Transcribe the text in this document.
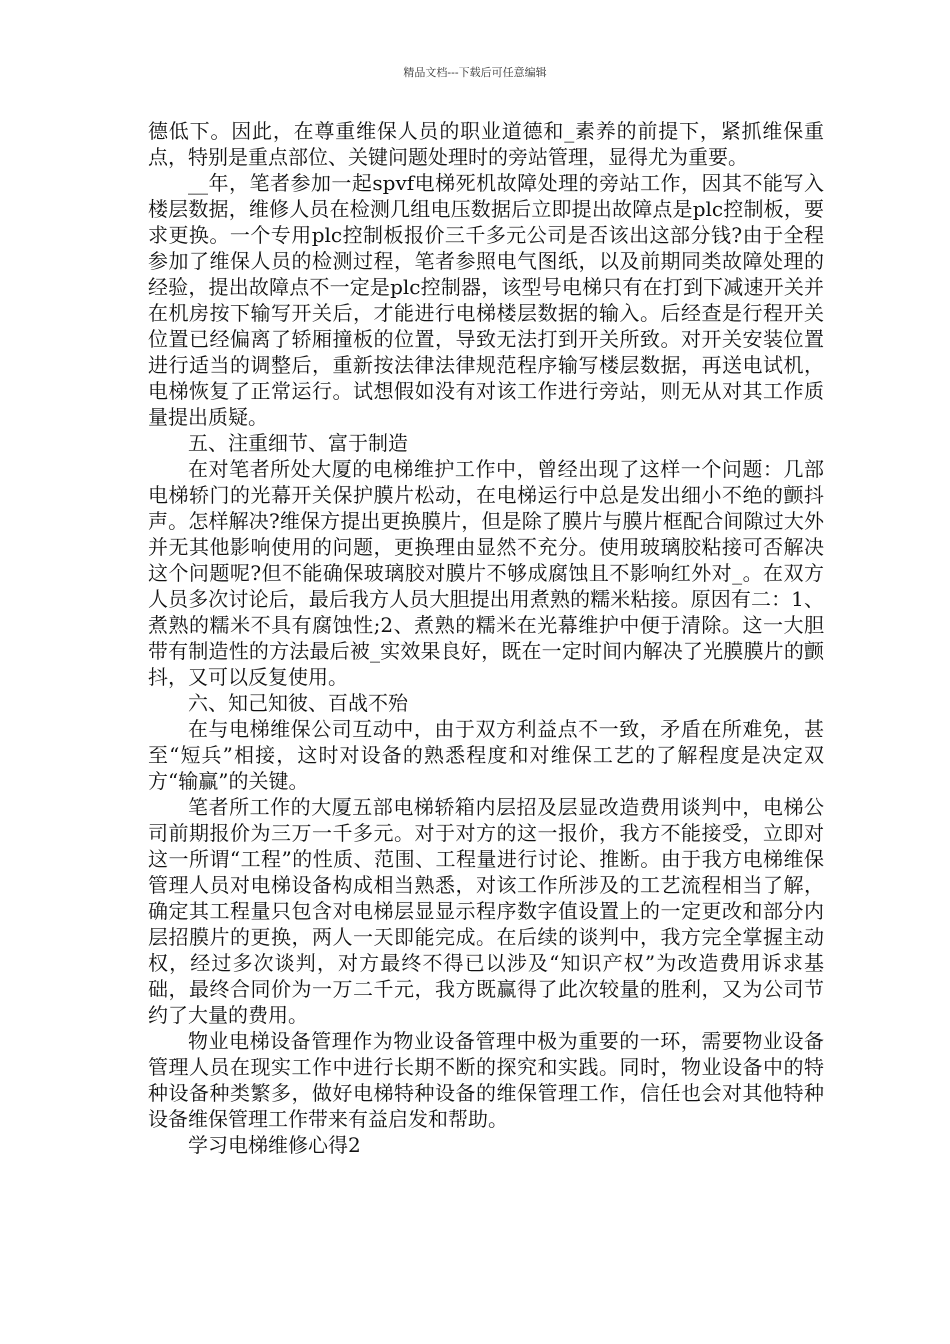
精品文档---下载后可任意编辑

德低下。因此，在尊重维保人员的职业道德和_素养的前提下，紧抓维保重点，特别是重点部位、关键问题处理时的旁站管理，显得尤为重要。

__年，笔者参加一起spvf电梯死机故障处理的旁站工作，因其不能写入楼层数据，维修人员在检测几组电压数据后立即提出故障点是plc控制板，要求更换。一个专用plc控制板报价三千多元公司是否该出这部分钱?由于全程参加了维保人员的检测过程，笔者参照电气图纸，以及前期同类故障处理的经验，提出故障点不一定是plc控制器，该型号电梯只有在打到下减速开关并在机房按下输写开关后，才能进行电梯楼层数据的输入。后经查是行程开关位置已经偏离了轿厢撞板的位置，导致无法打到开关所致。对开关安装位置进行适当的调整后，重新按法律法律规范程序输写楼层数据，再送电试机，电梯恢复了正常运行。试想假如没有对该工作进行旁站，则无从对其工作质量提出质疑。

五、注重细节、富于制造

在对笔者所处大厦的电梯维护工作中，曾经出现了这样一个问题：几部电梯轿门的光幕开关保护膜片松动，在电梯运行中总是发出细小不绝的颤抖声。怎样解决?维保方提出更换膜片，但是除了膜片与膜片框配合间隙过大外并无其他影响使用的问题，更换理由显然不充分。使用玻璃胶粘接可否解决这个问题呢?但不能确保玻璃胶对膜片不够成腐蚀且不影响红外对_。在双方人员多次讨论后，最后我方人员大胆提出用煮熟的糯米粘接。原因有二：1、煮熟的糯米不具有腐蚀性;2、煮熟的糯米在光幕维护中便于清除。这一大胆带有制造性的方法最后被_实效果良好，既在一定时间内解决了光膜膜片的颤抖，又可以反复使用。

六、知己知彼、百战不殆

在与电梯维保公司互动中，由于双方利益点不一致，矛盾在所难免，甚至“短兵”相接，这时对设备的熟悉程度和对维保工艺的了解程度是决定双方“输赢”的关键。

笔者所工作的大厦五部电梯轿箱内层招及层显改造费用谈判中，电梯公司前期报价为三万一千多元。对于对方的这一报价，我方不能接受，立即对这一所谓“工程”的性质、范围、工程量进行讨论、推断。由于我方电梯维保管理人员对电梯设备构成相当熟悉，对该工作所涉及的工艺流程相当了解，确定其工程量只包含对电梯层显显示程序数字值设置上的一定更改和部分内层招膜片的更换，两人一天即能完成。在后续的谈判中，我方完全掌握主动权，经过多次谈判，对方最终不得已以涉及“知识产权”为改造费用诉求基础，最终合同价为一万二千元，我方既赢得了此次较量的胜利，又为公司节约了大量的费用。

物业电梯设备管理作为物业设备管理中极为重要的一环，需要物业设备管理人员在现实工作中进行长期不断的探究和实践。同时，物业设备中的特种设备种类繁多，做好电梯特种设备的维保管理工作，信任也会对其他特种设备维保管理工作带来有益启发和帮助。

学习电梯维修心得2
